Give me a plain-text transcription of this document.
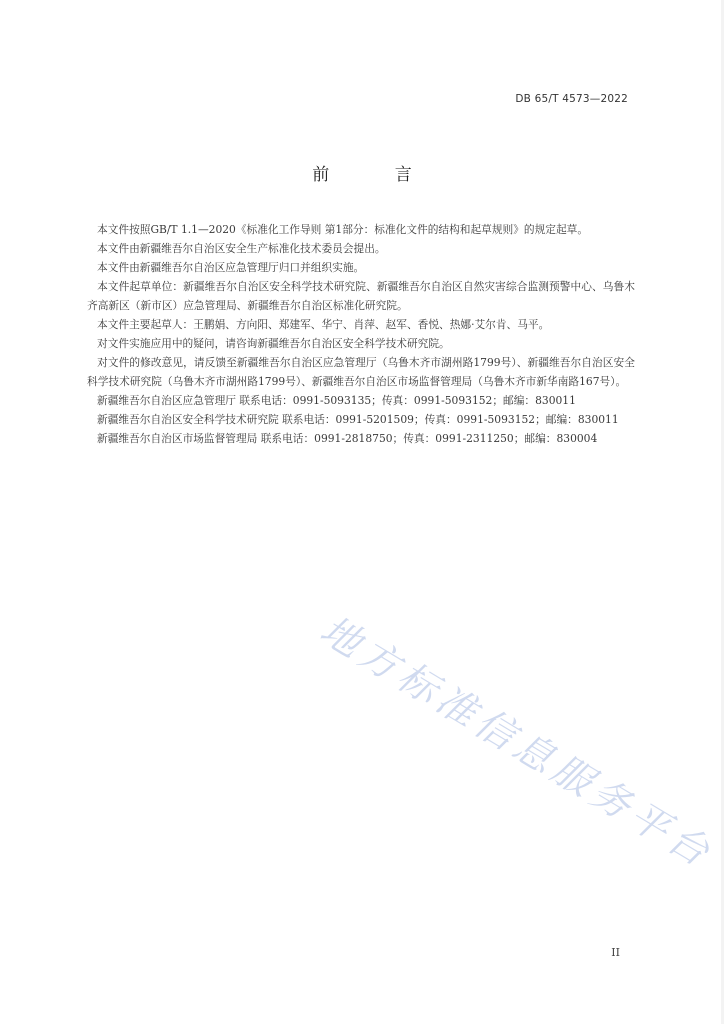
DB 65/T 4573—2022
前 言

本文件按照GB/T 1.1—2020《标准化工作导则 第1部分：标准化文件的结构和起草规则》的规定起草。

本文件由新疆维吾尔自治区安全生产标准化技术委员会提出。

本文件由新疆维吾尔自治区应急管理厅归口并组织实施。

本文件起草单位：新疆维吾尔自治区安全科学技术研究院、新疆维吾尔自治区自然灾害综合监测预警中心、乌鲁木齐高新区（新市区）应急管理局、新疆维吾尔自治区标准化研究院。

本文件主要起草人：王鹏娟、方向阳、郑建军、华宁、肖萍、赵军、香悦、热娜·艾尔肯、马平。

对文件实施应用中的疑问，请咨询新疆维吾尔自治区安全科学技术研究院。

对文件的修改意见，请反馈至新疆维吾尔自治区应急管理厅（乌鲁木齐市湖州路1799号）、新疆维吾尔自治区安全科学技术研究院（乌鲁木齐市湖州路1799号）、新疆维吾尔自治区市场监督管理局（乌鲁木齐市新华南路167号）。

新疆维吾尔自治区应急管理厅 联系电话：0991-5093135；传真：0991-5093152；邮编：830011

新疆维吾尔自治区安全科学技术研究院 联系电话：0991-5201509；传真：0991-5093152；邮编：830011

新疆维吾尔自治区市场监督管理局 联系电话：0991-2818750；传真：0991-2311250；邮编：830004

地方标准信息服务平台
II
